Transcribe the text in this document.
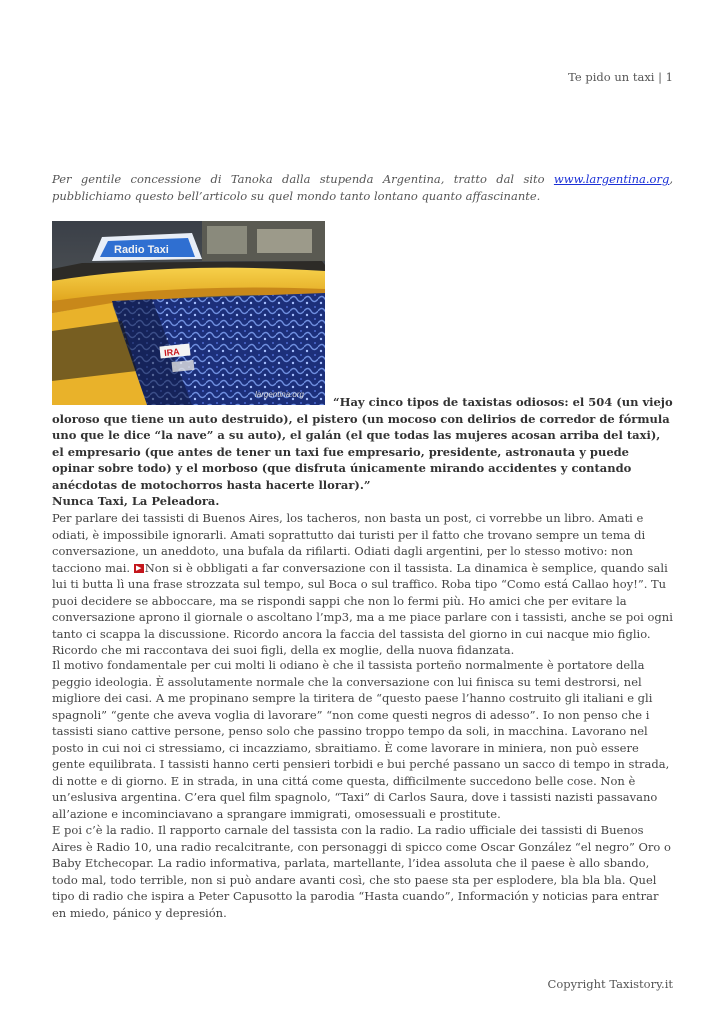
Te pido un taxi | 1

Per gentile concessione di Tanoka dalla stupenda Argentina, tratto dal sito www.largentina.org, pubblichiamo questo bell’articolo su quel mondo tanto lontano quanto affascinante.

Radio Taxi
IRA
largentina.org

“Hay cinco tipos de taxistas odiosos: el 504 (un viejo oloroso que tiene un auto destruido), el pistero (un mocoso con delirios de corredor de fórmula uno que le dice “la nave” a su auto), el galán (el que todas las mujeres acosan arriba del taxi), el empresario (que antes de tener un taxi fue empresario, presidente, astronauta y puede opinar sobre todo) y el morboso (que disfruta únicamente mirando accidentes y contando anécdotas de motochorros hasta hacerte llorar).”
Nunca Taxi, La Peleadora.

Per parlare dei tassisti di Buenos Aires, los tacheros, non basta un post, ci vorrebbe un libro. Amati e odiati, è impossibile ignorarli. Amati soprattutto dai turisti per il fatto che trovano sempre un tema di conversazione, un aneddoto, una bufala da rifilarti. Odiati dagli argentini, per lo stesso motivo: non tacciono mai. ▶ Non si è obbligati a far conversazione con il tassista. La dinamica è semplice, quando sali lui ti butta lì una frase strozzata sul tempo, sul Boca o sul traffico. Roba tipo “Como está Callao hoy!”. Tu puoi decidere se abboccare, ma se rispondi sappi che non lo fermi più. Ho amici che per evitare la conversazione aprono il giornale o ascoltano l’mp3, ma a me piace parlare con i tassisti, anche se poi ogni tanto ci scappa la discussione. Ricordo ancora la faccia del tassista del giorno in cui nacque mio figlio. Ricordo che mi raccontava dei suoi figli, della ex moglie, della nuova fidanzata.

Il motivo fondamentale per cui molti li odiano è che il tassista porteño normalmente è portatore della peggio ideologia. È assolutamente normale che la conversazione con lui finisca su temi destrorsi, nel migliore dei casi. A me propinano sempre la tiritera de “questo paese l’hanno costruito gli italiani e gli spagnoli” “gente che aveva voglia di lavorare” “non come questi negros di adesso”. Io non penso che i tassisti siano cattive persone, penso solo che passino troppo tempo da soli, in macchina. Lavorano nel posto in cui noi ci stressiamo, ci incazziamo, sbraitiamo. È come lavorare in miniera, non può essere gente equilibrata. I tassisti hanno certi pensieri torbidi e bui perché passano un sacco di tempo in strada, di notte e di giorno. E in strada, in una cittá come questa, difficilmente succedono belle cose. Non è un’eslusiva argentina. C’era quel film spagnolo, “Taxi” di Carlos Saura, dove i tassisti nazisti passavano all’azione e incominciavano a sprangare immigrati, omosessuali e prostitute.

E poi c’è la radio. Il rapporto carnale del tassista con la radio. La radio ufficiale dei tassisti di Buenos Aires è Radio 10, una radio recalcitrante, con personaggi di spicco come Oscar González “el negro” Oro o Baby Etchecopar. La radio informativa, parlata, martellante, l’idea assoluta che il paese è allo sbando, todo mal, todo terrible, non si può andare avanti così, che sto paese sta per esplodere, bla bla bla. Quel tipo di radio che ispira a Peter Capusotto la parodia “Hasta cuando”, Información y noticias para entrar en miedo, pánico y depresión.

Copyright Taxistory.it
